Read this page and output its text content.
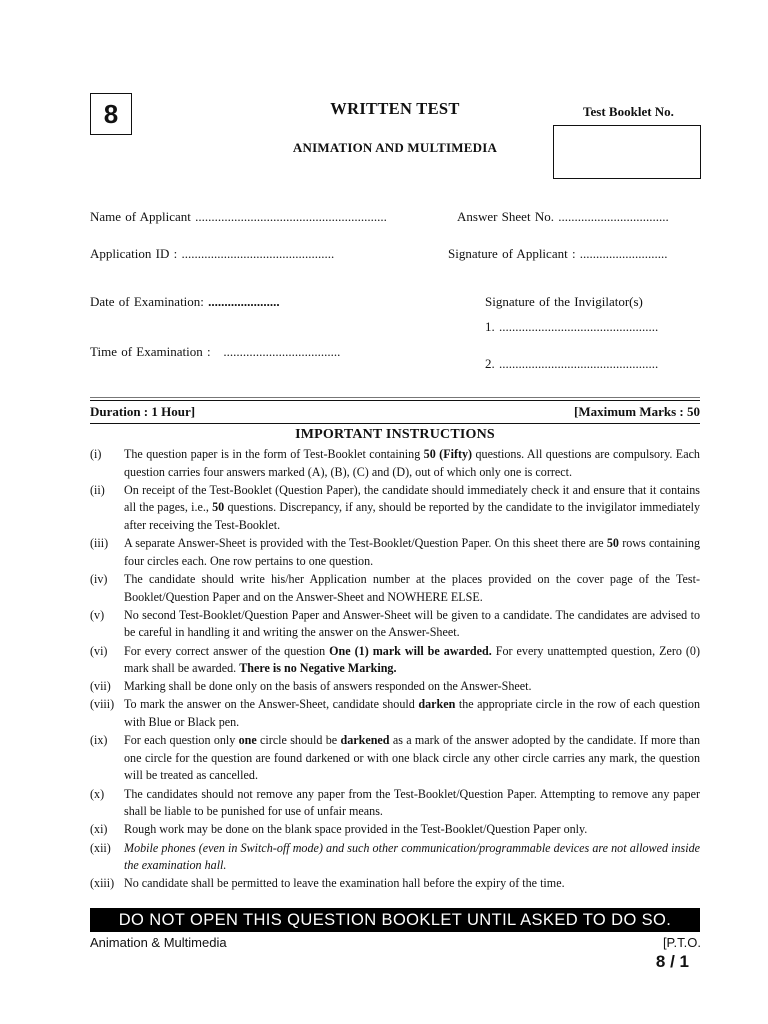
8	WRITTEN TEST
ANIMATION AND MULTIMEDIA
Test Booklet No.
Name of Applicant ...........................................................	Answer Sheet No. ..................................
Application ID : ...............................................	Signature of Applicant : ...........................
Date of Examination: ......................	Signature of the Invigilator(s)
1. .................................................
Time of Examination : ....................................
2. .................................................
Duration : 1 Hour]	[Maximum Marks : 50
IMPORTANT INSTRUCTIONS
(i)	The question paper is in the form of Test-Booklet containing 50 (Fifty) questions. All questions are compulsory. Each question carries four answers marked (A), (B), (C) and (D), out of which only one is correct.
(ii)	On receipt of the Test-Booklet (Question Paper), the candidate should immediately check it and ensure that it contains all the pages, i.e., 50 questions. Discrepancy, if any, should be reported by the candidate to the invigilator immediately after receiving the Test-Booklet.
(iii)	A separate Answer-Sheet is provided with the Test-Booklet/Question Paper. On this sheet there are 50 rows containing four circles each. One row pertains to one question.
(iv)	The candidate should write his/her Application number at the places provided on the cover page of the Test-Booklet/Question Paper and on the Answer-Sheet and NOWHERE ELSE.
(v)	No second Test-Booklet/Question Paper and Answer-Sheet will be given to a candidate. The candidates are advised to be careful in handling it and writing the answer on the Answer-Sheet.
(vi)	For every correct answer of the question One (1) mark will be awarded. For every unattempted question, Zero (0) mark shall be awarded. There is no Negative Marking.
(vii)	Marking shall be done only on the basis of answers responded on the Answer-Sheet.
(viii) To mark the answer on the Answer-Sheet, candidate should darken the appropriate circle in the row of each question with Blue or Black pen.
(ix)	For each question only one circle should be darkened as a mark of the answer adopted by the candidate. If more than one circle for the question are found darkened or with one black circle any other circle carries any mark, the question will be treated as cancelled.
(x)	The candidates should not remove any paper from the Test-Booklet/Question Paper. Attempting to remove any paper shall be liable to be punished for use of unfair means.
(xi)	Rough work may be done on the blank space provided in the Test-Booklet/Question Paper only.
(xii)	Mobile phones (even in Switch-off mode) and such other communication/programmable devices are not allowed inside the examination hall.
(xiii) No candidate shall be permitted to leave the examination hall before the expiry of the time.
DO NOT OPEN THIS QUESTION BOOKLET UNTIL ASKED TO DO SO.
Animation & Multimedia	[P.T.O.
8 / 1
